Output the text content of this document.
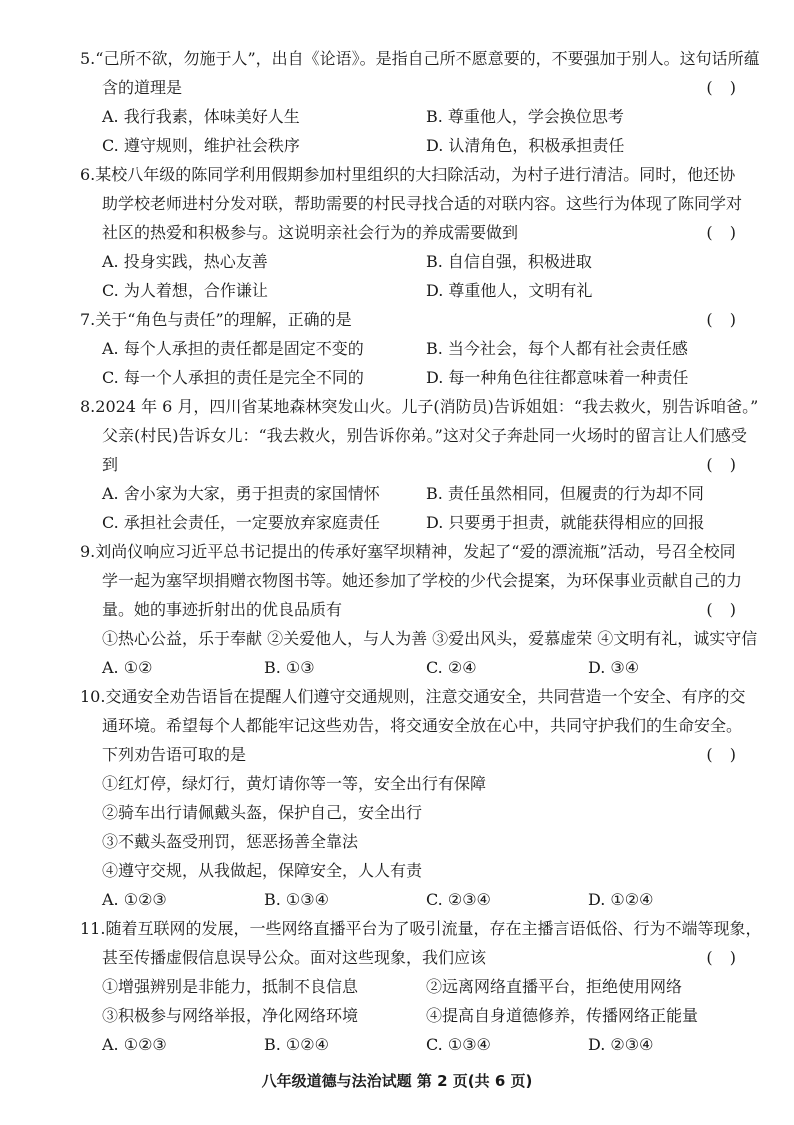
5.“己所不欲，勿施于人”，出自《论语》。是指自己所不愿意要的，不要强加于别人。这句话所蕴
含的道理是	( )
A. 我行我素，体味美好人生	B. 尊重他人，学会换位思考
C. 遵守规则，维护社会秩序	D. 认清角色，积极承担责任
6.某校八年级的陈同学利用假期参加村里组织的大扫除活动，为村子进行清洁。同时，他还协
助学校老师进村分发对联，帮助需要的村民寻找合适的对联内容。这些行为体现了陈同学对
社区的热爱和积极参与。这说明亲社会行为的养成需要做到	( )
A. 投身实践，热心友善	B. 自信自强，积极进取
C. 为人着想，合作谦让	D. 尊重他人，文明有礼
7.关于“角色与责任”的理解，正确的是	( )
A. 每个人承担的责任都是固定不变的	B. 当今社会，每个人都有社会责任感
C. 每一个人承担的责任是完全不同的	D. 每一种角色往往都意味着一种责任
8.2024 年 6 月，四川省某地森林突发山火。儿子(消防员)告诉姐姐：“我去救火，别告诉咱爸。”
父亲(村民)告诉女儿：“我去救火，别告诉你弟。”这对父子奔赴同一火场时的留言让人们感受
到	( )
A. 舍小家为大家，勇于担责的家国情怀	B. 责任虽然相同，但履责的行为却不同
C. 承担社会责任，一定要放弃家庭责任	D. 只要勇于担责，就能获得相应的回报
9.刘尚仪响应习近平总书记提出的传承好塞罕坝精神，发起了“爱的漂流瓶”活动，号召全校同
学一起为塞罕坝捐赠衣物图书等。她还参加了学校的少代会提案，为环保事业贡献自己的力
量。她的事迹折射出的优良品质有	( )
①热心公益，乐于奉献 ②关爱他人，与人为善 ③爱出风头，爱慕虚荣 ④文明有礼，诚实守信
A. ①②	B. ①③	C. ②④	D. ③④
10.交通安全劝告语旨在提醒人们遵守交通规则，注意交通安全，共同营造一个安全、有序的交
通环境。希望每个人都能牢记这些劝告，将交通安全放在心中，共同守护我们的生命安全。
下列劝告语可取的是	( )
①红灯停，绿灯行，黄灯请你等一等，安全出行有保障
②骑车出行请佩戴头盔，保护自己，安全出行
③不戴头盔受刑罚，惩恶扬善全靠法
④遵守交规，从我做起，保障安全，人人有责
A. ①②③	B. ①③④	C. ②③④	D. ①②④
11.随着互联网的发展，一些网络直播平台为了吸引流量，存在主播言语低俗、行为不端等现象，
甚至传播虚假信息误导公众。面对这些现象，我们应该	( )
①增强辨别是非能力，抵制不良信息	②远离网络直播平台，拒绝使用网络
③积极参与网络举报，净化网络环境	④提高自身道德修养，传播网络正能量
A. ①②③	B. ①②④	C. ①③④	D. ②③④
八年级道德与法治试题 第 2 页(共 6 页)
